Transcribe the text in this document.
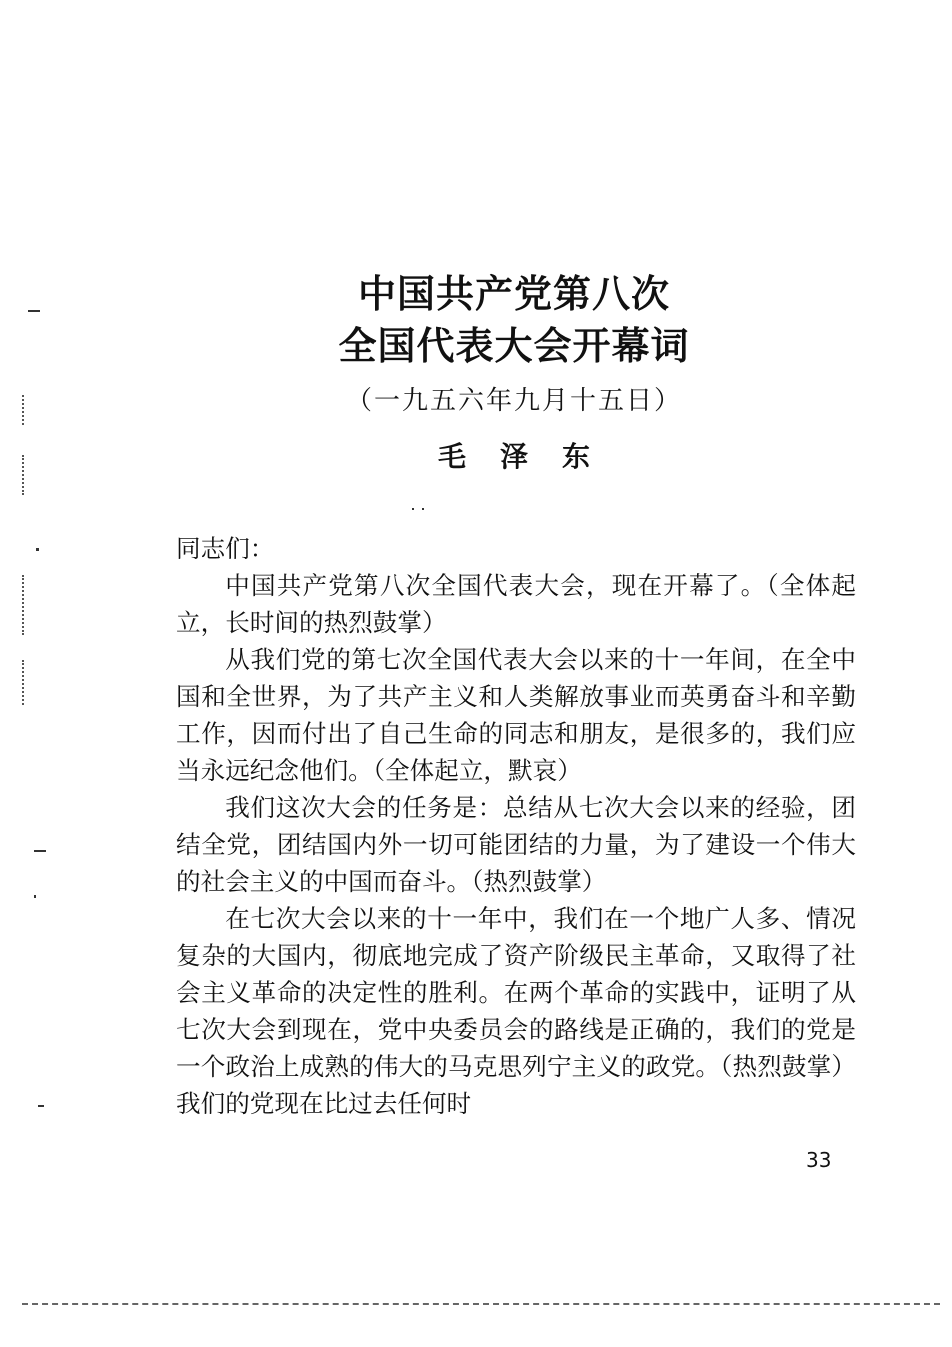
中国共产党第八次
全国代表大会开幕词
（一九五六年九月十五日）
毛泽东

同志们：

中国共产党第八次全国代表大会，现在开幕了。（全体起立，长时间的热烈鼓掌）

从我们党的第七次全国代表大会以来的十一年间，在全中国和全世界，为了共产主义和人类解放事业而英勇奋斗和辛勤工作，因而付出了自己生命的同志和朋友，是很多的，我们应当永远纪念他们。（全体起立，默哀）

我们这次大会的任务是：总结从七次大会以来的经验，团结全党，团结国内外一切可能团结的力量，为了建设一个伟大的社会主义的中国而奋斗。（热烈鼓掌）

在七次大会以来的十一年中，我们在一个地广人多、情况复杂的大国内，彻底地完成了资产阶级民主革命，又取得了社会主义革命的决定性的胜利。在两个革命的实践中，证明了从七次大会到现在，党中央委员会的路线是正确的，我们的党是一个政治上成熟的伟大的马克思列宁主义的政党。（热烈鼓掌）我们的党现在比过去任何时

33
